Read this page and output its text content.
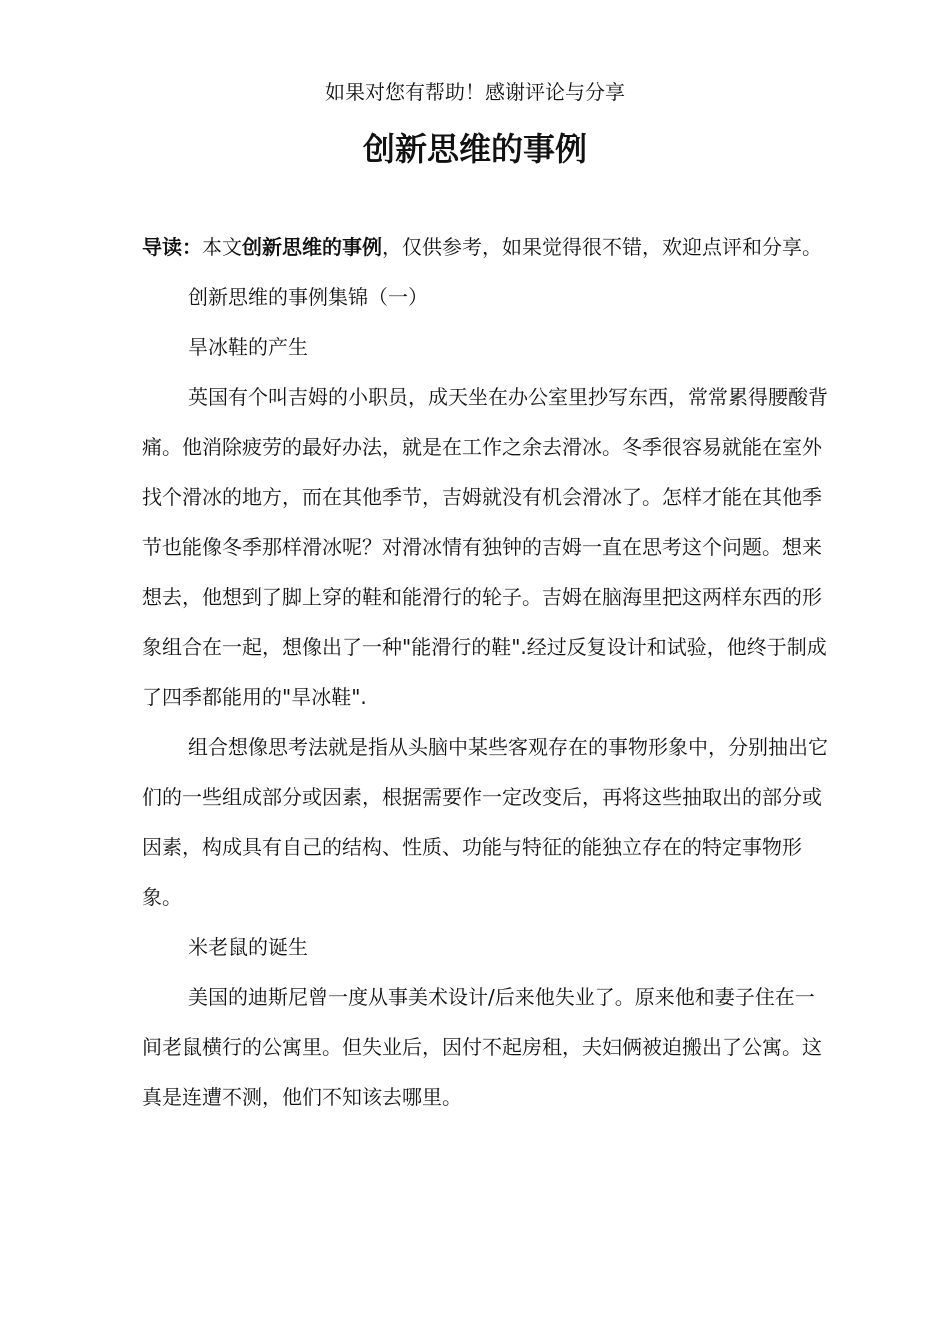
如果对您有帮助！感谢评论与分享
创新思维的事例

导读：本文创新思维的事例，仅供参考，如果觉得很不错，欢迎点评和分享。

创新思维的事例集锦（一）

旱冰鞋的产生

英国有个叫吉姆的小职员，成天坐在办公室里抄写东西，常常累得腰酸背痛。他消除疲劳的最好办法，就是在工作之余去滑冰。冬季很容易就能在室外找个滑冰的地方，而在其他季节，吉姆就没有机会滑冰了。怎样才能在其他季节也能像冬季那样滑冰呢？对滑冰情有独钟的吉姆一直在思考这个问题。想来想去，他想到了脚上穿的鞋和能滑行的轮子。吉姆在脑海里把这两样东西的形象组合在一起，想像出了一种"能滑行的鞋".经过反复设计和试验，他终于制成了四季都能用的"旱冰鞋".

组合想像思考法就是指从头脑中某些客观存在的事物形象中，分别抽出它们的一些组成部分或因素，根据需要作一定改变后，再将这些抽取出的部分或因素，构成具有自己的结构、性质、功能与特征的能独立存在的特定事物形象。

米老鼠的诞生

美国的迪斯尼曾一度从事美术设计/后来他失业了。原来他和妻子住在一间老鼠横行的公寓里。但失业后，因付不起房租，夫妇俩被迫搬出了公寓。这真是连遭不测，他们不知该去哪里。
